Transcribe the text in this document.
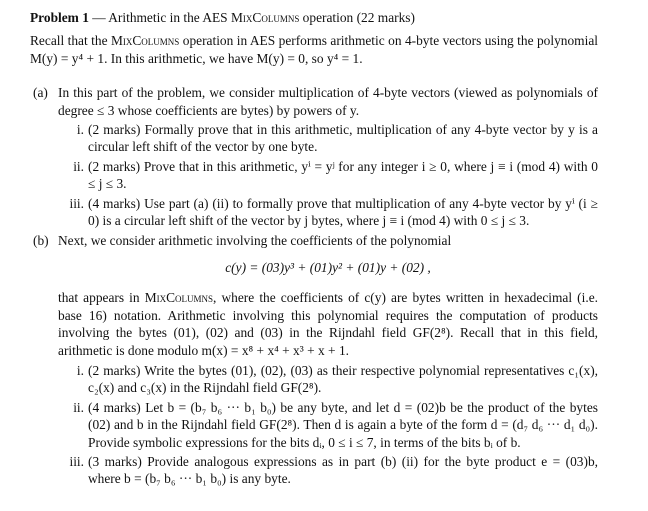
Problem 1 — Arithmetic in the AES MixColumns operation (22 marks)

Recall that the MixColumns operation in AES performs arithmetic on 4-byte vectors using the polynomial M(y) = y⁴ + 1. In this arithmetic, we have M(y) = 0, so y⁴ = 1.

(a) In this part of the problem, we consider multiplication of 4-byte vectors (viewed as polynomials of degree ≤ 3 whose coefficients are bytes) by powers of y.

i. (2 marks) Formally prove that in this arithmetic, multiplication of any 4-byte vector by y is a circular left shift of the vector by one byte.

ii. (2 marks) Prove that in this arithmetic, yⁱ = yʲ for any integer i ≥ 0, where j ≡ i (mod 4) with 0 ≤ j ≤ 3.

iii. (4 marks) Use part (a) (ii) to formally prove that multiplication of any 4-byte vector by yⁱ (i ≥ 0) is a circular left shift of the vector by j bytes, where j ≡ i (mod 4) with 0 ≤ j ≤ 3.

(b) Next, we consider arithmetic involving the coefficients of the polynomial

c(y) = (03)y³ + (01)y² + (01)y + (02) ,

that appears in MixColumns, where the coefficients of c(y) are bytes written in hexadecimal (i.e. base 16) notation. Arithmetic involving this polynomial requires the computation of products involving the bytes (01), (02) and (03) in the Rijndahl field GF(2⁸). Recall that in this field, arithmetic is done modulo m(x) = x⁸ + x⁴ + x³ + x + 1.

i. (2 marks) Write the bytes (01), (02), (03) as their respective polynomial representatives c₁(x), c₂(x) and c₃(x) in the Rijndahl field GF(2⁸).

ii. (4 marks) Let b = (b₇ b₆ ··· b₁ b₀) be any byte, and let d = (02)b be the product of the bytes (02) and b in the Rijndahl field GF(2⁸). Then d is again a byte of the form d = (d₇ d₆ ··· d₁ d₀). Provide symbolic expressions for the bits dᵢ, 0 ≤ i ≤ 7, in terms of the bits bᵢ of b.

iii. (3 marks) Provide analogous expressions as in part (b) (ii) for the byte product e = (03)b, where b = (b₇ b₆ ··· b₁ b₀) is any byte.
